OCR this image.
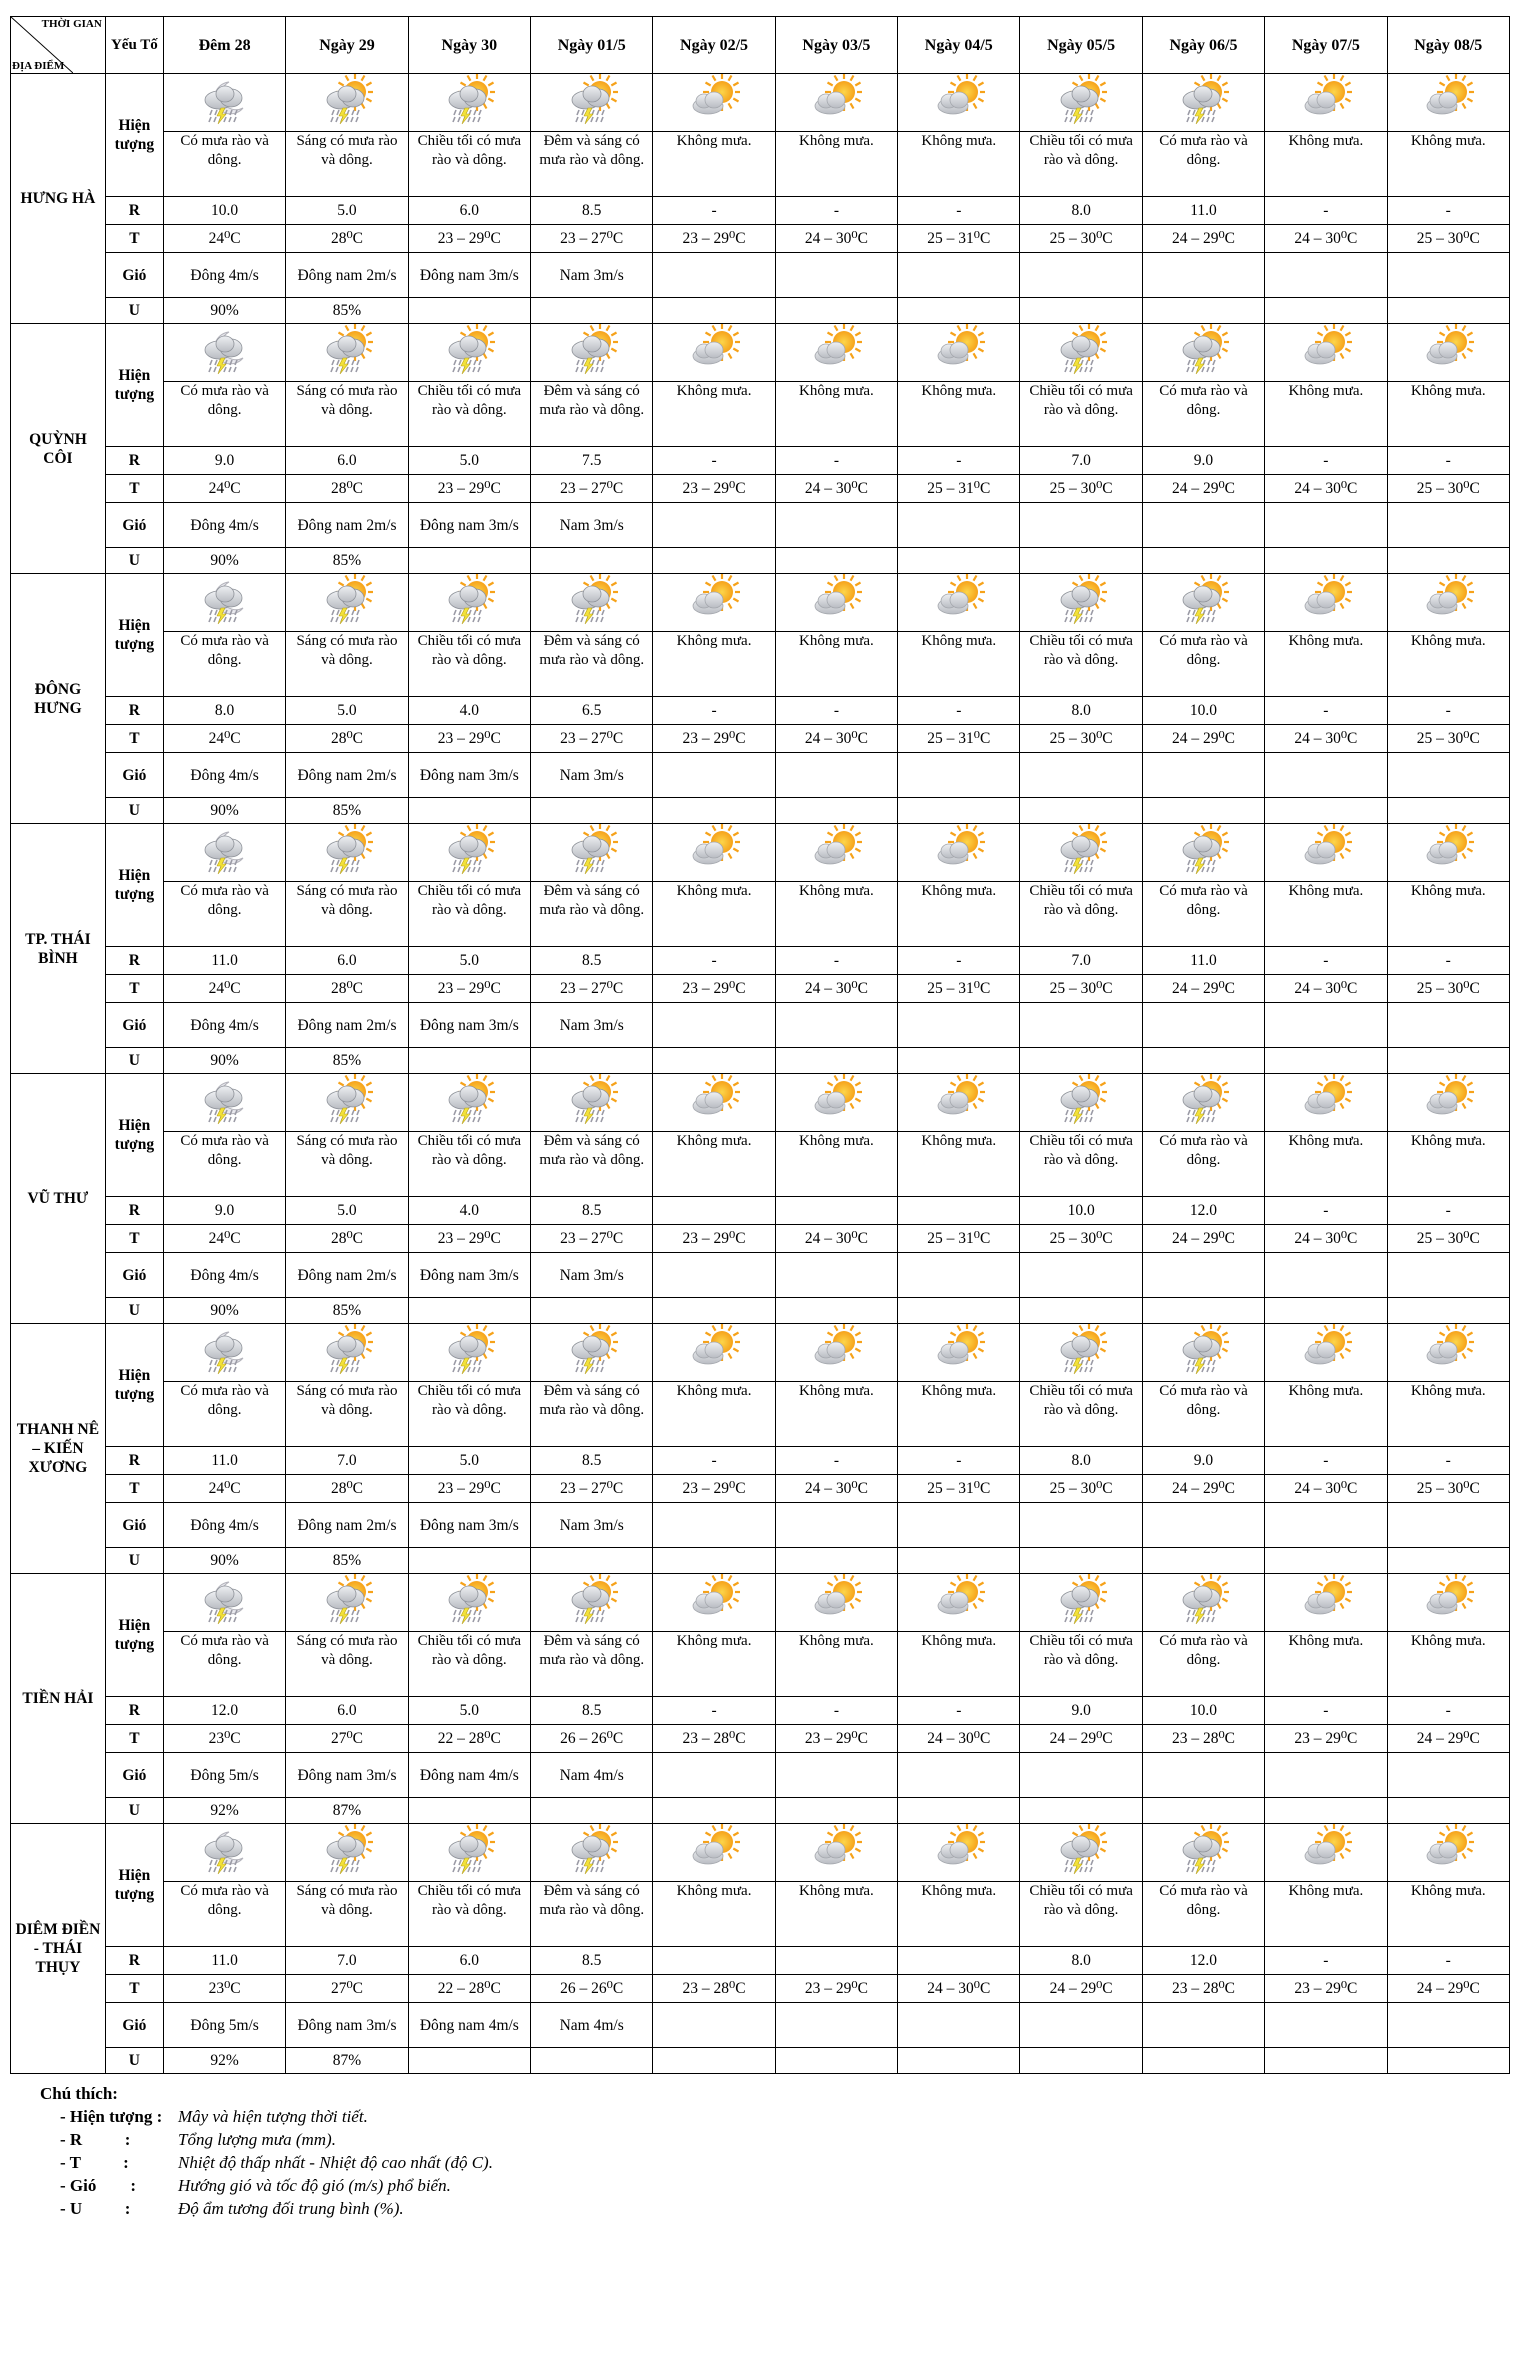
THỜI GIAN
ĐỊA ĐIỂM	Yếu Tố	Đêm 28	Ngày 29	Ngày 30	Ngày 01/5	Ngày 02/5	Ngày 03/5	Ngày 04/5	Ngày 05/5	Ngày 06/5	Ngày 07/5	Ngày 08/5
HƯNG HÀ	Hiện tượng											
		Có mưa rào và dông.	Sáng có mưa rào và dông.	Chiều tối có mưa rào và dông.	Đêm và sáng có mưa rào và dông.	Không mưa.	Không mưa.	Không mưa.	Chiều tối có mưa rào và dông.	Có mưa rào và dông.	Không mưa.	Không mưa.
	R	10.0	5.0	6.0	8.5	-	-	-	8.0	11.0	-	-
	T	24⁰C	28⁰C	23 – 29⁰C	23 – 27⁰C	23 – 29⁰C	24 – 30⁰C	25 – 31⁰C	25 – 30⁰C	24 – 29⁰C	24 – 30⁰C	25 – 30⁰C
	Gió	Đông 4m/s	Đông nam 2m/s	Đông nam 3m/s	Nam 3m/s							
	U	90%	85%									
QUỲNH CÔI	Hiện tượng											
		Có mưa rào và dông.	Sáng có mưa rào và dông.	Chiều tối có mưa rào và dông.	Đêm và sáng có mưa rào và dông.	Không mưa.	Không mưa.	Không mưa.	Chiều tối có mưa rào và dông.	Có mưa rào và dông.	Không mưa.	Không mưa.
	R	9.0	6.0	5.0	7.5	-	-	-	7.0	9.0	-	-
	T	24⁰C	28⁰C	23 – 29⁰C	23 – 27⁰C	23 – 29⁰C	24 – 30⁰C	25 – 31⁰C	25 – 30⁰C	24 – 29⁰C	24 – 30⁰C	25 – 30⁰C
	Gió	Đông 4m/s	Đông nam 2m/s	Đông nam 3m/s	Nam 3m/s							
	U	90%	85%									
ĐÔNG HƯNG	Hiện tượng											
		Có mưa rào và dông.	Sáng có mưa rào và dông.	Chiều tối có mưa rào và dông.	Đêm và sáng có mưa rào và dông.	Không mưa.	Không mưa.	Không mưa.	Chiều tối có mưa rào và dông.	Có mưa rào và dông.	Không mưa.	Không mưa.
	R	8.0	5.0	4.0	6.5	-	-	-	8.0	10.0	-	-
	T	24⁰C	28⁰C	23 – 29⁰C	23 – 27⁰C	23 – 29⁰C	24 – 30⁰C	25 – 31⁰C	25 – 30⁰C	24 – 29⁰C	24 – 30⁰C	25 – 30⁰C
	Gió	Đông 4m/s	Đông nam 2m/s	Đông nam 3m/s	Nam 3m/s							
	U	90%	85%									
TP. THÁI BÌNH	Hiện tượng											
		Có mưa rào và dông.	Sáng có mưa rào và dông.	Chiều tối có mưa rào và dông.	Đêm và sáng có mưa rào và dông.	Không mưa.	Không mưa.	Không mưa.	Chiều tối có mưa rào và dông.	Có mưa rào và dông.	Không mưa.	Không mưa.
	R	11.0	6.0	5.0	8.5	-	-	-	7.0	11.0	-	-
	T	24⁰C	28⁰C	23 – 29⁰C	23 – 27⁰C	23 – 29⁰C	24 – 30⁰C	25 – 31⁰C	25 – 30⁰C	24 – 29⁰C	24 – 30⁰C	25 – 30⁰C
	Gió	Đông 4m/s	Đông nam 2m/s	Đông nam 3m/s	Nam 3m/s							
	U	90%	85%									
VŨ THƯ	Hiện tượng											
		Có mưa rào và dông.	Sáng có mưa rào và dông.	Chiều tối có mưa rào và dông.	Đêm và sáng có mưa rào và dông.	Không mưa.	Không mưa.	Không mưa.	Chiều tối có mưa rào và dông.	Có mưa rào và dông.	Không mưa.	Không mưa.
	R	9.0	5.0	4.0	8.5				10.0	12.0	-	-
	T	24⁰C	28⁰C	23 – 29⁰C	23 – 27⁰C	23 – 29⁰C	24 – 30⁰C	25 – 31⁰C	25 – 30⁰C	24 – 29⁰C	24 – 30⁰C	25 – 30⁰C
	Gió	Đông 4m/s	Đông nam 2m/s	Đông nam 3m/s	Nam 3m/s							
	U	90%	85%									
THANH NÊ – KIẾN XƯƠNG	Hiện tượng											
		Có mưa rào và dông.	Sáng có mưa rào và dông.	Chiều tối có mưa rào và dông.	Đêm và sáng có mưa rào và dông.	Không mưa.	Không mưa.	Không mưa.	Chiều tối có mưa rào và dông.	Có mưa rào và dông.	Không mưa.	Không mưa.
	R	11.0	7.0	5.0	8.5	-	-	-	8.0	9.0	-	-
	T	24⁰C	28⁰C	23 – 29⁰C	23 – 27⁰C	23 – 29⁰C	24 – 30⁰C	25 – 31⁰C	25 – 30⁰C	24 – 29⁰C	24 – 30⁰C	25 – 30⁰C
	Gió	Đông 4m/s	Đông nam 2m/s	Đông nam 3m/s	Nam 3m/s							
	U	90%	85%									
TIỀN HẢI	Hiện tượng											
		Có mưa rào và dông.	Sáng có mưa rào và dông.	Chiều tối có mưa rào và dông.	Đêm và sáng có mưa rào và dông.	Không mưa.	Không mưa.	Không mưa.	Chiều tối có mưa rào và dông.	Có mưa rào và dông.	Không mưa.	Không mưa.
	R	12.0	6.0	5.0	8.5	-	-	-	9.0	10.0	-	-
	T	23⁰C	27⁰C	22 – 28⁰C	26 – 26⁰C	23 – 28⁰C	23 – 29⁰C	24 – 30⁰C	24 – 29⁰C	23 – 28⁰C	23 – 29⁰C	24 – 29⁰C
	Gió	Đông 5m/s	Đông nam 3m/s	Đông nam 4m/s	Nam 4m/s							
	U	92%	87%									
DIÊM ĐIỀN - THÁI THỤY	Hiện tượng											
		Có mưa rào và dông.	Sáng có mưa rào và dông.	Chiều tối có mưa rào và dông.	Đêm và sáng có mưa rào và dông.	Không mưa.	Không mưa.	Không mưa.	Chiều tối có mưa rào và dông.	Có mưa rào và dông.	Không mưa.	Không mưa.
	R	11.0	7.0	6.0	8.5				8.0	12.0	-	-
	T	23⁰C	27⁰C	22 – 28⁰C	26 – 26⁰C	23 – 28⁰C	23 – 29⁰C	24 – 30⁰C	24 – 29⁰C	23 – 28⁰C	23 – 29⁰C	24 – 29⁰C
	Gió	Đông 5m/s	Đông nam 3m/s	Đông nam 4m/s	Nam 4m/s							
	U	92%	87%									
Chú thích:
- Hiện tượng : Mây và hiện tượng thời tiết.
- R          :	Tổng lượng mưa (mm).
- T          :	Nhiệt độ thấp nhất - Nhiệt độ cao nhất (độ C).
- Gió        :	Hướng gió và tốc độ gió (m/s) phổ biến.
- U          :	Độ ẩm tương đối trung bình (%).
